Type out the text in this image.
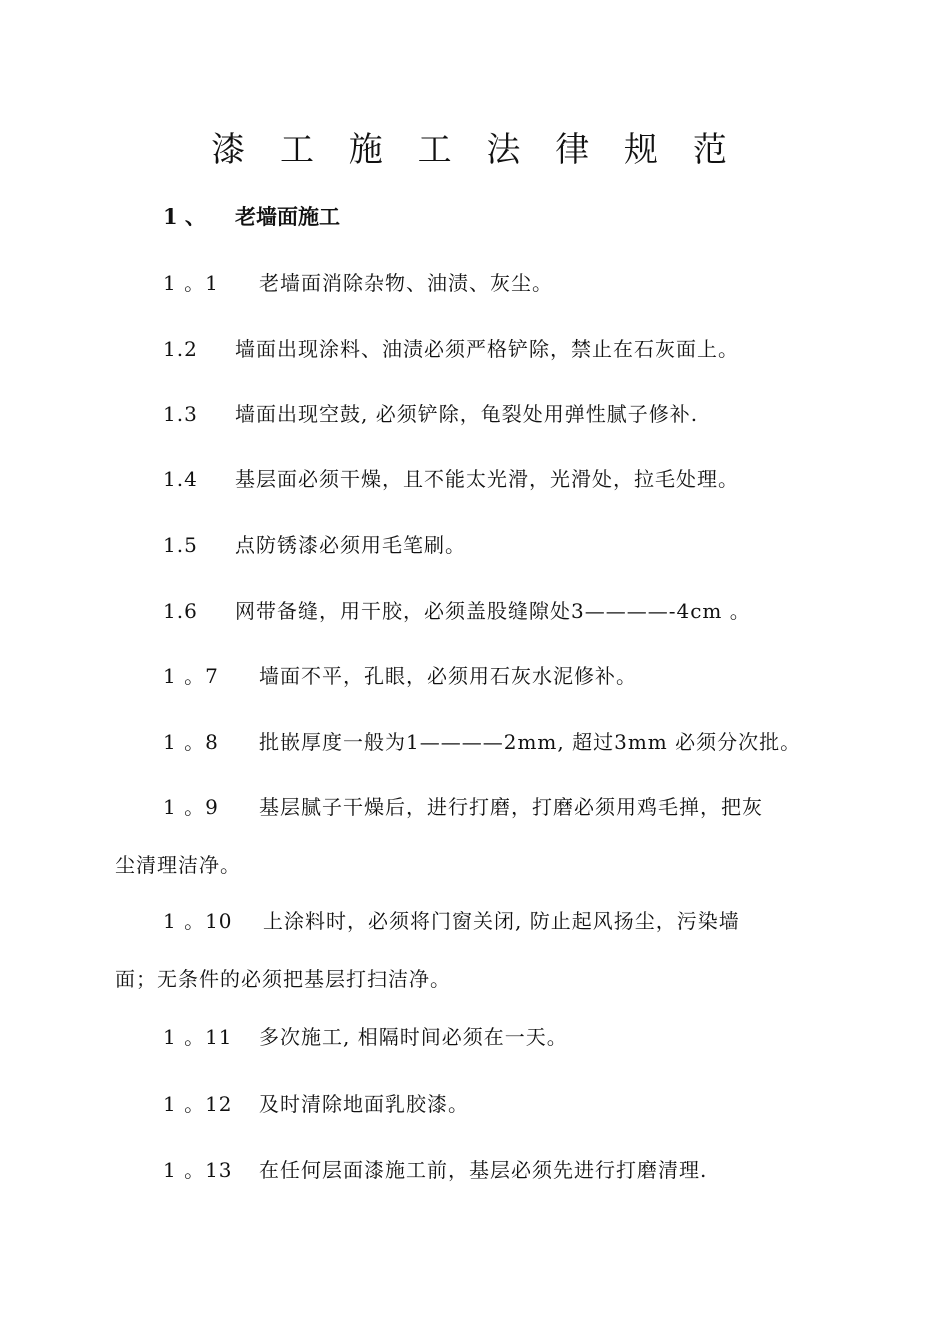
漆 工 施 工 法 律 规 范
1 、 老墙面施工
1 。1 老墙面消除杂物、油渍、灰尘。
1.2 墙面出现涂料、油渍必须严格铲除，禁止在石灰面上。
1.3 墙面出现空鼓, 必须铲除，龟裂处用弹性腻子修补.
1.4 基层面必须干燥，且不能太光滑，光滑处，拉毛处理。
1.5 点防锈漆必须用毛笔刷。
1.6 网带备缝，用干胶，必须盖股缝隙处3————-4cm 。
1 。7 墙面不平，孔眼，必须用石灰水泥修补。
1 。8 批嵌厚度一般为1————2mm, 超过3mm 必须分次批。
1 。9 基层腻子干燥后，进行打磨，打磨必须用鸡毛掸，把灰
尘清理洁净。
1 。10 上涂料时，必须将门窗关闭, 防止起风扬尘，污染墙
面；无条件的必须把基层打扫洁净。
1 。11 多次施工, 相隔时间必须在一天。
1 。12 及时清除地面乳胶漆。
1 。13 在任何层面漆施工前，基层必须先进行打磨清理.
